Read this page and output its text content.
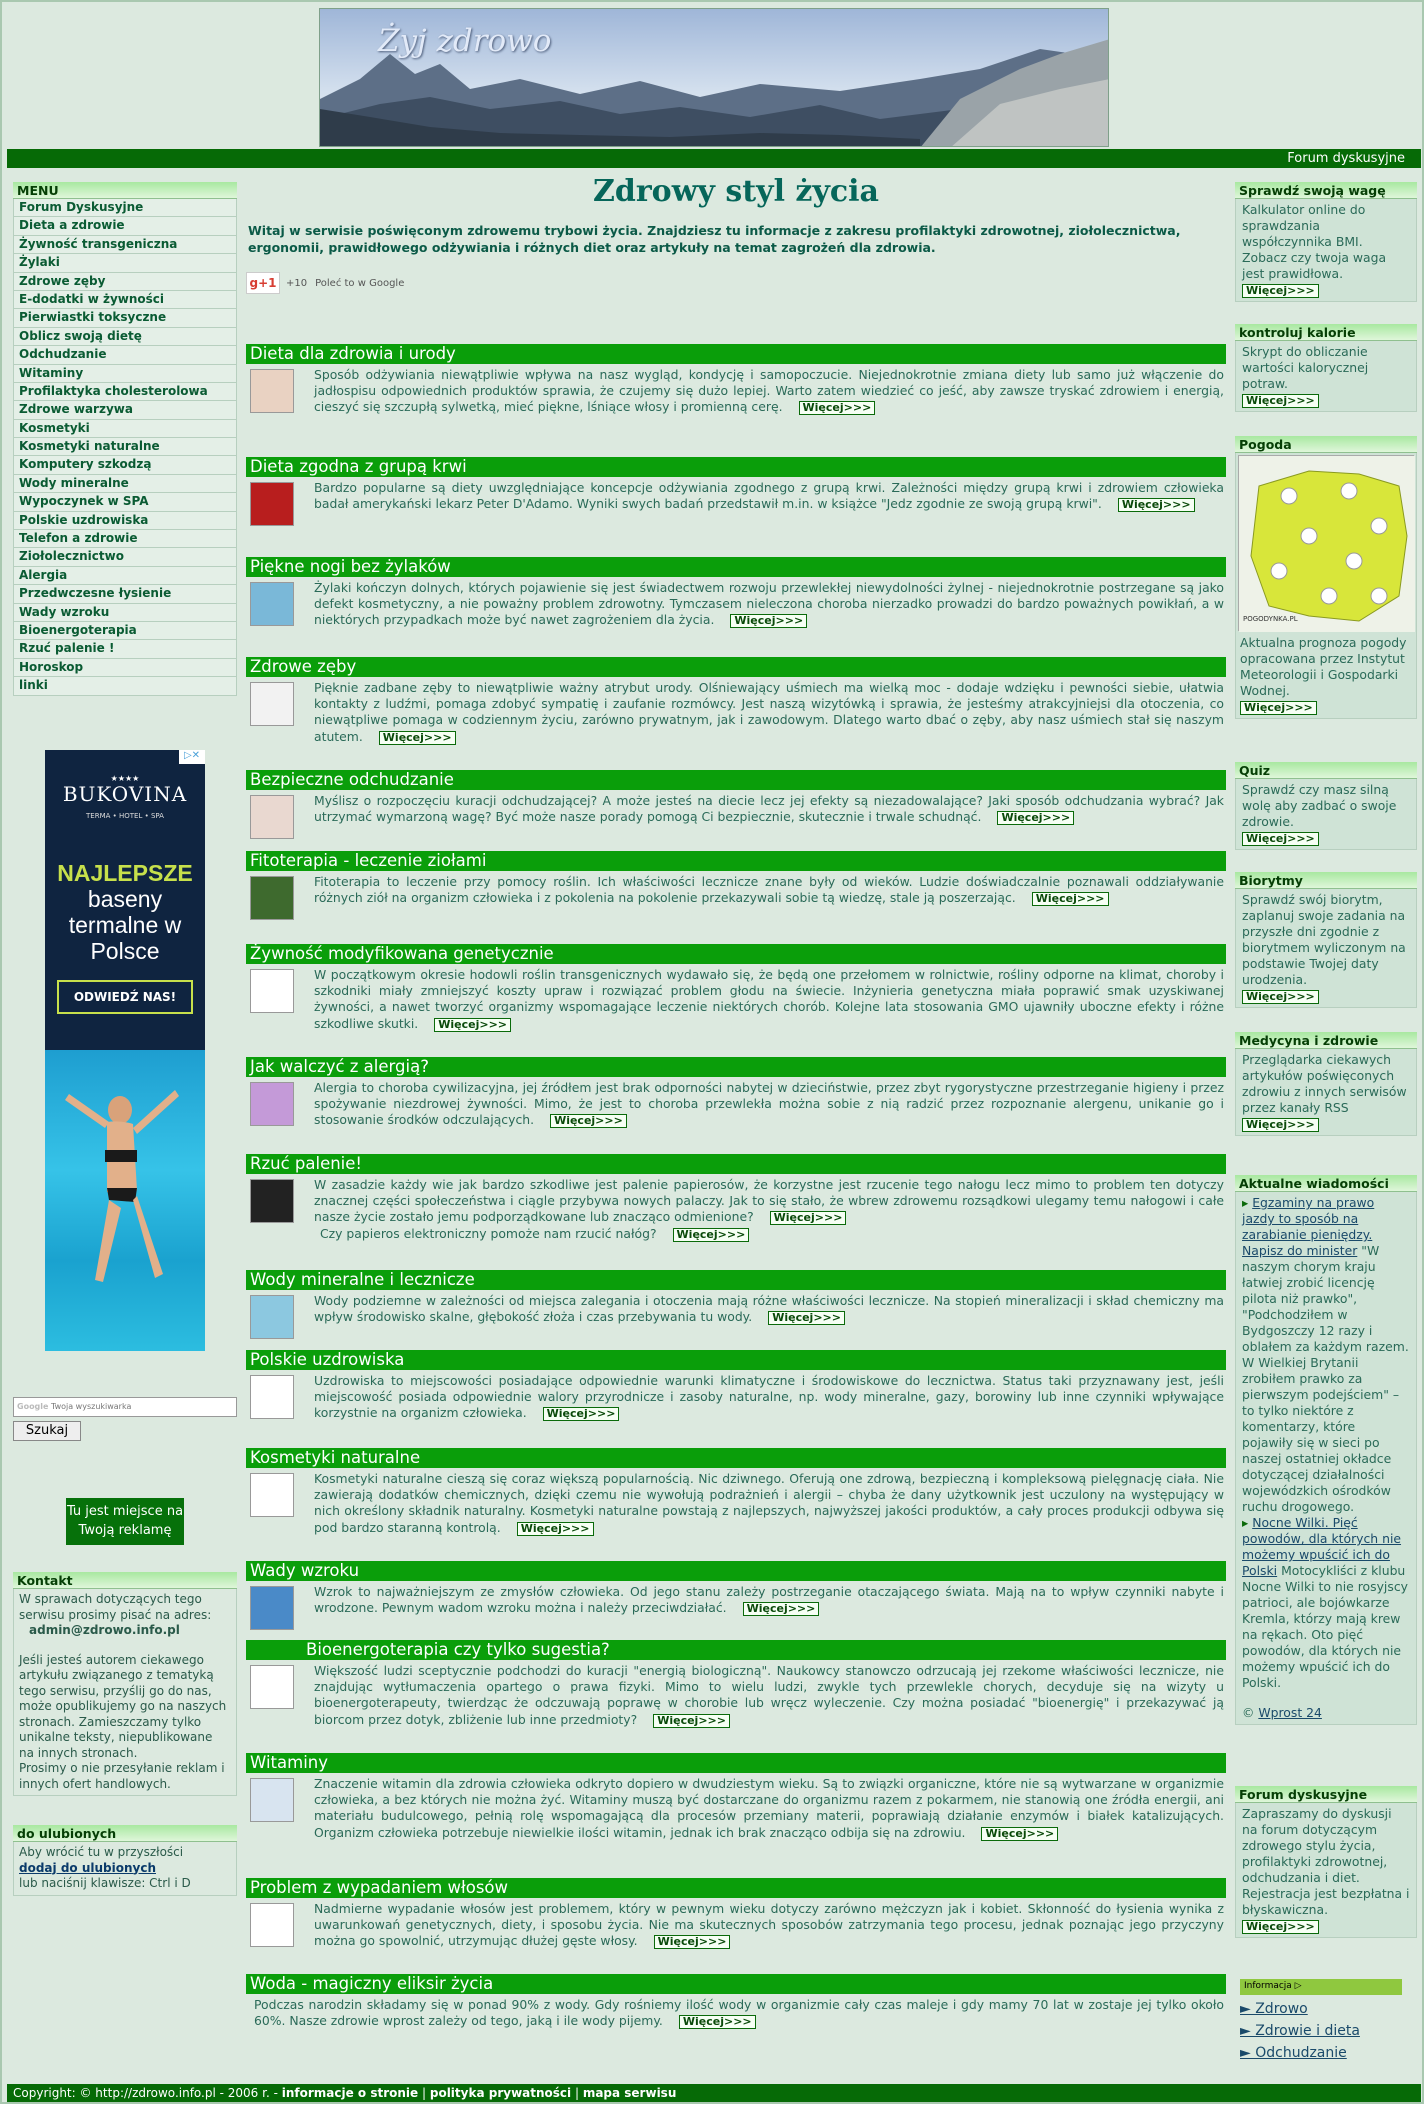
Żyj zdrowo
Forum dyskusyjne
MENU
Forum Dyskusyjne
Dieta a zdrowie
Żywność transgeniczna
Żylaki
Zdrowe zęby
E-dodatki w żywności
Pierwiastki toksyczne
Oblicz swoją dietę
Odchudzanie
Witaminy
Profilaktyka cholesterolowa
Zdrowe warzywa
Kosmetyki
Kosmetyki naturalne
Komputery szkodzą
Wody mineralne
Wypoczynek w SPA
Polskie uzdrowiska
Telefon a zdrowie
Ziołolecznictwo
Alergia
Przedwczesne łysienie
Wady wzroku
Bioenergoterapia
Rzuć palenie !
Horoskop
linki
▷✕
★★★★
BUKOVINA
TERMA • HOTEL • SPA
NAJLEPSZE
baseny termalne w Polsce
ODWIEDŹ NAS!
Google Twoja wyszukiwarka
Szukaj
Tu jest miejsce na Twoją reklamę
Kontakt
W sprawach dotyczących tego serwisu prosimy pisać na adres:
admin@zdrowo.info.pl
Jeśli jesteś autorem ciekawego artykułu związanego z tematyką tego serwisu, przyślij go do nas, może opublikujemy go na naszych stronach. Zamieszczamy tylko unikalne teksty, niepublikowane na innych stronach.
Prosimy o nie przesyłanie reklam i innych ofert handlowych.
do ulubionych
Aby wrócić tu w przyszłości
dodaj do ulubionych
lub naciśnij klawisze: Ctrl i D
Zdrowy styl życia
Witaj w serwisie poświęconym zdrowemu trybowi życia. Znajdziesz tu informacje z zakresu profilaktyki zdrowotnej, ziołolecznictwa, ergonomii, prawidłowego odżywiania i różnych diet oraz artykuły na temat zagrożeń dla zdrowia.
g+1 +10 Poleć to w Google
Dieta dla zdrowia i urody
Sposób odżywiania niewątpliwie wpływa na nasz wygląd, kondycję i samopoczucie. Niejednokrotnie zmiana diety lub samo już włączenie do jadłospisu odpowiednich produktów sprawia, że czujemy się dużo lepiej. Warto zatem wiedzieć co jeść, aby zawsze tryskać zdrowiem i energią, cieszyć się szczupłą sylwetką, mieć piękne, lśniące włosy i promienną cerę. Więcej>>>
Dieta zgodna z grupą krwi
Bardzo popularne są diety uwzględniające koncepcje odżywiania zgodnego z grupą krwi. Zależności między grupą krwi i zdrowiem człowieka badał amerykański lekarz Peter D'Adamo. Wyniki swych badań przedstawił m.in. w książce "Jedz zgodnie ze swoją grupą krwi". Więcej>>>
Piękne nogi bez żylaków
Żylaki kończyn dolnych, których pojawienie się jest świadectwem rozwoju przewlekłej niewydolności żylnej - niejednokrotnie postrzegane są jako defekt kosmetyczny, a nie poważny problem zdrowotny. Tymczasem nieleczona choroba nierzadko prowadzi do bardzo poważnych powikłań, a w niektórych przypadkach może być nawet zagrożeniem dla życia. Więcej>>>
Zdrowe zęby
Pięknie zadbane zęby to niewątpliwie ważny atrybut urody. Olśniewający uśmiech ma wielką moc - dodaje wdzięku i pewności siebie, ułatwia kontakty z ludźmi, pomaga zdobyć sympatię i zaufanie rozmówcy. Jest naszą wizytówką i sprawia, że jesteśmy atrakcyjniejsi dla otoczenia, co niewątpliwe pomaga w codziennym życiu, zarówno prywatnym, jak i zawodowym. Dlatego warto dbać o zęby, aby nasz uśmiech stał się naszym atutem. Więcej>>>
Bezpieczne odchudzanie
Myślisz o rozpoczęciu kuracji odchudzającej? A może jesteś na diecie lecz jej efekty są niezadowalające? Jaki sposób odchudzania wybrać? Jak utrzymać wymarzoną wagę? Być może nasze porady pomogą Ci bezpiecznie, skutecznie i trwale schudnąć. Więcej>>>
Fitoterapia - leczenie ziołami
Fitoterapia to leczenie przy pomocy roślin. Ich właściwości lecznicze znane były od wieków. Ludzie doświadczalnie poznawali oddziaływanie różnych ziół na organizm człowieka i z pokolenia na pokolenie przekazywali sobie tą wiedzę, stale ją poszerzając. Więcej>>>
Żywność modyfikowana genetycznie
W początkowym okresie hodowli roślin transgenicznych wydawało się, że będą one przełomem w rolnictwie, rośliny odporne na klimat, choroby i szkodniki miały zmniejszyć koszty upraw i rozwiązać problem głodu na świecie. Inżynieria genetyczna miała poprawić smak uzyskiwanej żywności, a nawet tworzyć organizmy wspomagające leczenie niektórych chorób. Kolejne lata stosowania GMO ujawniły uboczne efekty i różne szkodliwe skutki. Więcej>>>
Jak walczyć z alergią?
Alergia to choroba cywilizacyjna, jej źródłem jest brak odporności nabytej w dzieciństwie, przez zbyt rygorystyczne przestrzeganie higieny i przez spożywanie niezdrowej żywności. Mimo, że jest to choroba przewlekła można sobie z nią radzić przez rozpoznanie alergenu, unikanie go i stosowanie środków odczulających. Więcej>>>
Rzuć palenie!
W zasadzie każdy wie jak bardzo szkodliwe jest palenie papierosów, że korzystne jest rzucenie tego nałogu lecz mimo to problem ten dotyczy znacznej części społeczeństwa i ciągle przybywa nowych palaczy. Jak to się stało, że wbrew zdrowemu rozsądkowi ulegamy temu nałogowi i całe nasze życie zostało jemu podporządkowane lub znacząco odmienione? Więcej>>>
Czy papieros elektroniczny pomoże nam rzucić nałóg? Więcej>>>
Wody mineralne i lecznicze
Wody podziemne w zależności od miejsca zalegania i otoczenia mają różne właściwości lecznicze. Na stopień mineralizacji i skład chemiczny ma wpływ środowisko skalne, głębokość złoża i czas przebywania tu wody. Więcej>>>
Polskie uzdrowiska
Uzdrowiska to miejscowości posiadające odpowiednie warunki klimatyczne i środowiskowe do lecznictwa. Status taki przyznawany jest, jeśli miejscowość posiada odpowiednie walory przyrodnicze i zasoby naturalne, np. wody mineralne, gazy, borowiny lub inne czynniki wpływające korzystnie na organizm człowieka. Więcej>>>
Kosmetyki naturalne
Kosmetyki naturalne cieszą się coraz większą popularnością. Nic dziwnego. Oferują one zdrową, bezpieczną i kompleksową pielęgnację ciała. Nie zawierają dodatków chemicznych, dzięki czemu nie wywołują podrażnień i alergii – chyba że dany użytkownik jest uczulony na występujący w nich określony składnik naturalny. Kosmetyki naturalne powstają z najlepszych, najwyższej jakości produktów, a cały proces produkcji odbywa się pod bardzo staranną kontrolą. Więcej>>>
Wady wzroku
Wzrok to najważniejszym ze zmysłów człowieka. Od jego stanu zależy postrzeganie otaczającego świata. Mają na to wpływ czynniki nabyte i wrodzone. Pewnym wadom wzroku można i należy przeciwdziałać. Więcej>>>
Bioenergoterapia czy tylko sugestia?
Większość ludzi sceptycznie podchodzi do kuracji "energią biologiczną". Naukowcy stanowczo odrzucają jej rzekome właściwości lecznicze, nie znajdując wytłumaczenia opartego o prawa fizyki. Mimo to wielu ludzi, zwykle tych przewlekle chorych, decyduje się na wizyty u bioenergoterapeuty, twierdząc że odczuwają poprawę w chorobie lub wręcz wyleczenie. Czy można posiadać "bioenergię" i przekazywać ją biorcom przez dotyk, zbliżenie lub inne przedmioty? Więcej>>>
Witaminy
Znaczenie witamin dla zdrowia człowieka odkryto dopiero w dwudziestym wieku. Są to związki organiczne, które nie są wytwarzane w organizmie człowieka, a bez których nie można żyć. Witaminy muszą być dostarczane do organizmu razem z pokarmem, nie stanowią one źródła energii, ani materiału budulcowego, pełnią rolę wspomagającą dla procesów przemiany materii, poprawiają działanie enzymów i białek katalizujących. Organizm człowieka potrzebuje niewielkie ilości witamin, jednak ich brak znacząco odbija się na zdrowiu. Więcej>>>
Problem z wypadaniem włosów
Nadmierne wypadanie włosów jest problemem, który w pewnym wieku dotyczy zarówno mężczyzn jak i kobiet. Skłonność do łysienia wynika z uwarunkowań genetycznych, diety, i sposobu życia. Nie ma skutecznych sposobów zatrzymania tego procesu, jednak poznając jego przyczyny można go spowolnić, utrzymując dłużej gęste włosy. Więcej>>>
Woda - magiczny eliksir życia
Podczas narodzin składamy się w ponad 90% z wody. Gdy rośniemy ilość wody w organizmie cały czas maleje i gdy mamy 70 lat w zostaje jej tylko około 60%. Nasze zdrowie wprost zależy od tego, jaką i ile wody pijemy. Więcej>>>
Sprawdź swoją wagę
Kalkulator online do sprawdzania współczynnika BMI. Zobacz czy twoja waga jest prawidłowa.
Więcej>>>
kontroluj kalorie
Skrypt do obliczanie wartości kalorycznej potraw.
Więcej>>>
Pogoda
POGODYNKA.PL
Aktualna prognoza pogody opracowana przez Instytut Meteorologii i Gospodarki Wodnej.
Więcej>>>
Quiz
Sprawdź czy masz silną wolę aby zadbać o swoje zdrowie.
Więcej>>>
Biorytmy
Sprawdź swój biorytm, zaplanuj swoje zadania na przyszłe dni zgodnie z biorytmem wyliczonym na podstawie Twojej daty urodzenia.
Więcej>>>
Medycyna i zdrowie
Przeglądarka ciekawych artykułów poświęconych zdrowiu z innych serwisów przez kanały RSS
Więcej>>>
Aktualne wiadomości
▸ Egzaminy na prawo jazdy to sposób na zarabianie pieniędzy. Napisz do minister "W naszym chorym kraju łatwiej zrobić licencję pilota niż prawko", "Podchodziłem w Bydgoszczy 12 razy i oblałem za każdym razem. W Wielkiej Brytanii zrobiłem prawko za pierwszym podejściem" – to tylko niektóre z komentarzy, które pojawiły się w sieci po naszej ostatniej okładce dotyczącej działalności wojewódzkich ośrodków ruchu drogowego.
▸ Nocne Wilki. Pięć powodów, dla których nie możemy wpuścić ich do Polski Motocykliści z klubu Nocne Wilki to nie rosyjscy patrioci, ale bojówkarze Kremla, którzy mają krew na rękach. Oto pięć powodów, dla których nie możemy wpuścić ich do Polski.
© Wprost 24
Forum dyskusyjne
Zapraszamy do dyskusji na forum dotyczącym zdrowego stylu życia, profilaktyki zdrowotnej, odchudzania i diet. Rejestracja jest bezpłatna i błyskawiczna.
Więcej>>>
Informacja ▷
► Zdrowo
► Zdrowie i dieta
► Odchudzanie
Copyright: © http://zdrowo.info.pl - 2006 r. - informacje o stronie | polityka prywatności | mapa serwisu
